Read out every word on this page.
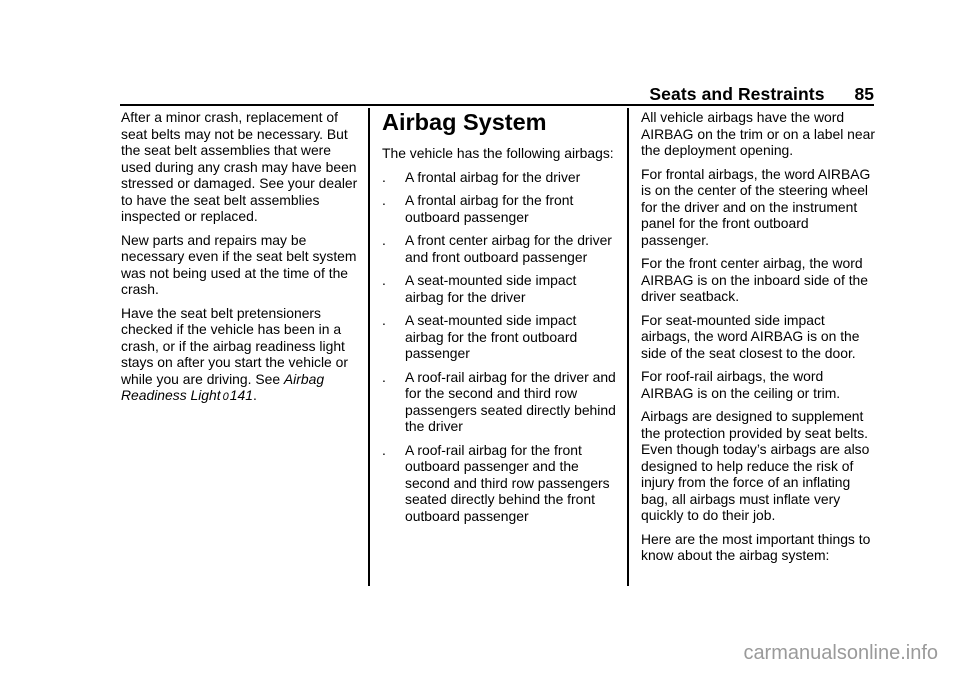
Seats and Restraints 85

After a minor crash, replacement of seat belts may not be necessary. But the seat belt assemblies that were used during any crash may have been stressed or damaged. See your dealer to have the seat belt assemblies inspected or replaced.

New parts and repairs may be necessary even if the seat belt system was not being used at the time of the crash.

Have the seat belt pretensioners checked if the vehicle has been in a crash, or if the airbag readiness light stays on after you start the vehicle or while you are driving. See Airbag Readiness Light 0141.

Airbag System

The vehicle has the following airbags:

. A frontal airbag for the driver
. A frontal airbag for the front outboard passenger
. A front center airbag for the driver and front outboard passenger
. A seat-mounted side impact airbag for the driver
. A seat-mounted side impact airbag for the front outboard passenger
. A roof-rail airbag for the driver and for the second and third row passengers seated directly behind the driver
. A roof-rail airbag for the front outboard passenger and the second and third row passengers seated directly behind the front outboard passenger

All vehicle airbags have the word AIRBAG on the trim or on a label near the deployment opening.

For frontal airbags, the word AIRBAG is on the center of the steering wheel for the driver and on the instrument panel for the front outboard passenger.

For the front center airbag, the word AIRBAG is on the inboard side of the driver seatback.

For seat-mounted side impact airbags, the word AIRBAG is on the side of the seat closest to the door.

For roof-rail airbags, the word AIRBAG is on the ceiling or trim.

Airbags are designed to supplement the protection provided by seat belts. Even though today’s airbags are also designed to help reduce the risk of injury from the force of an inflating bag, all airbags must inflate very quickly to do their job.

Here are the most important things to know about the airbag system:

carmanualsonline.info
